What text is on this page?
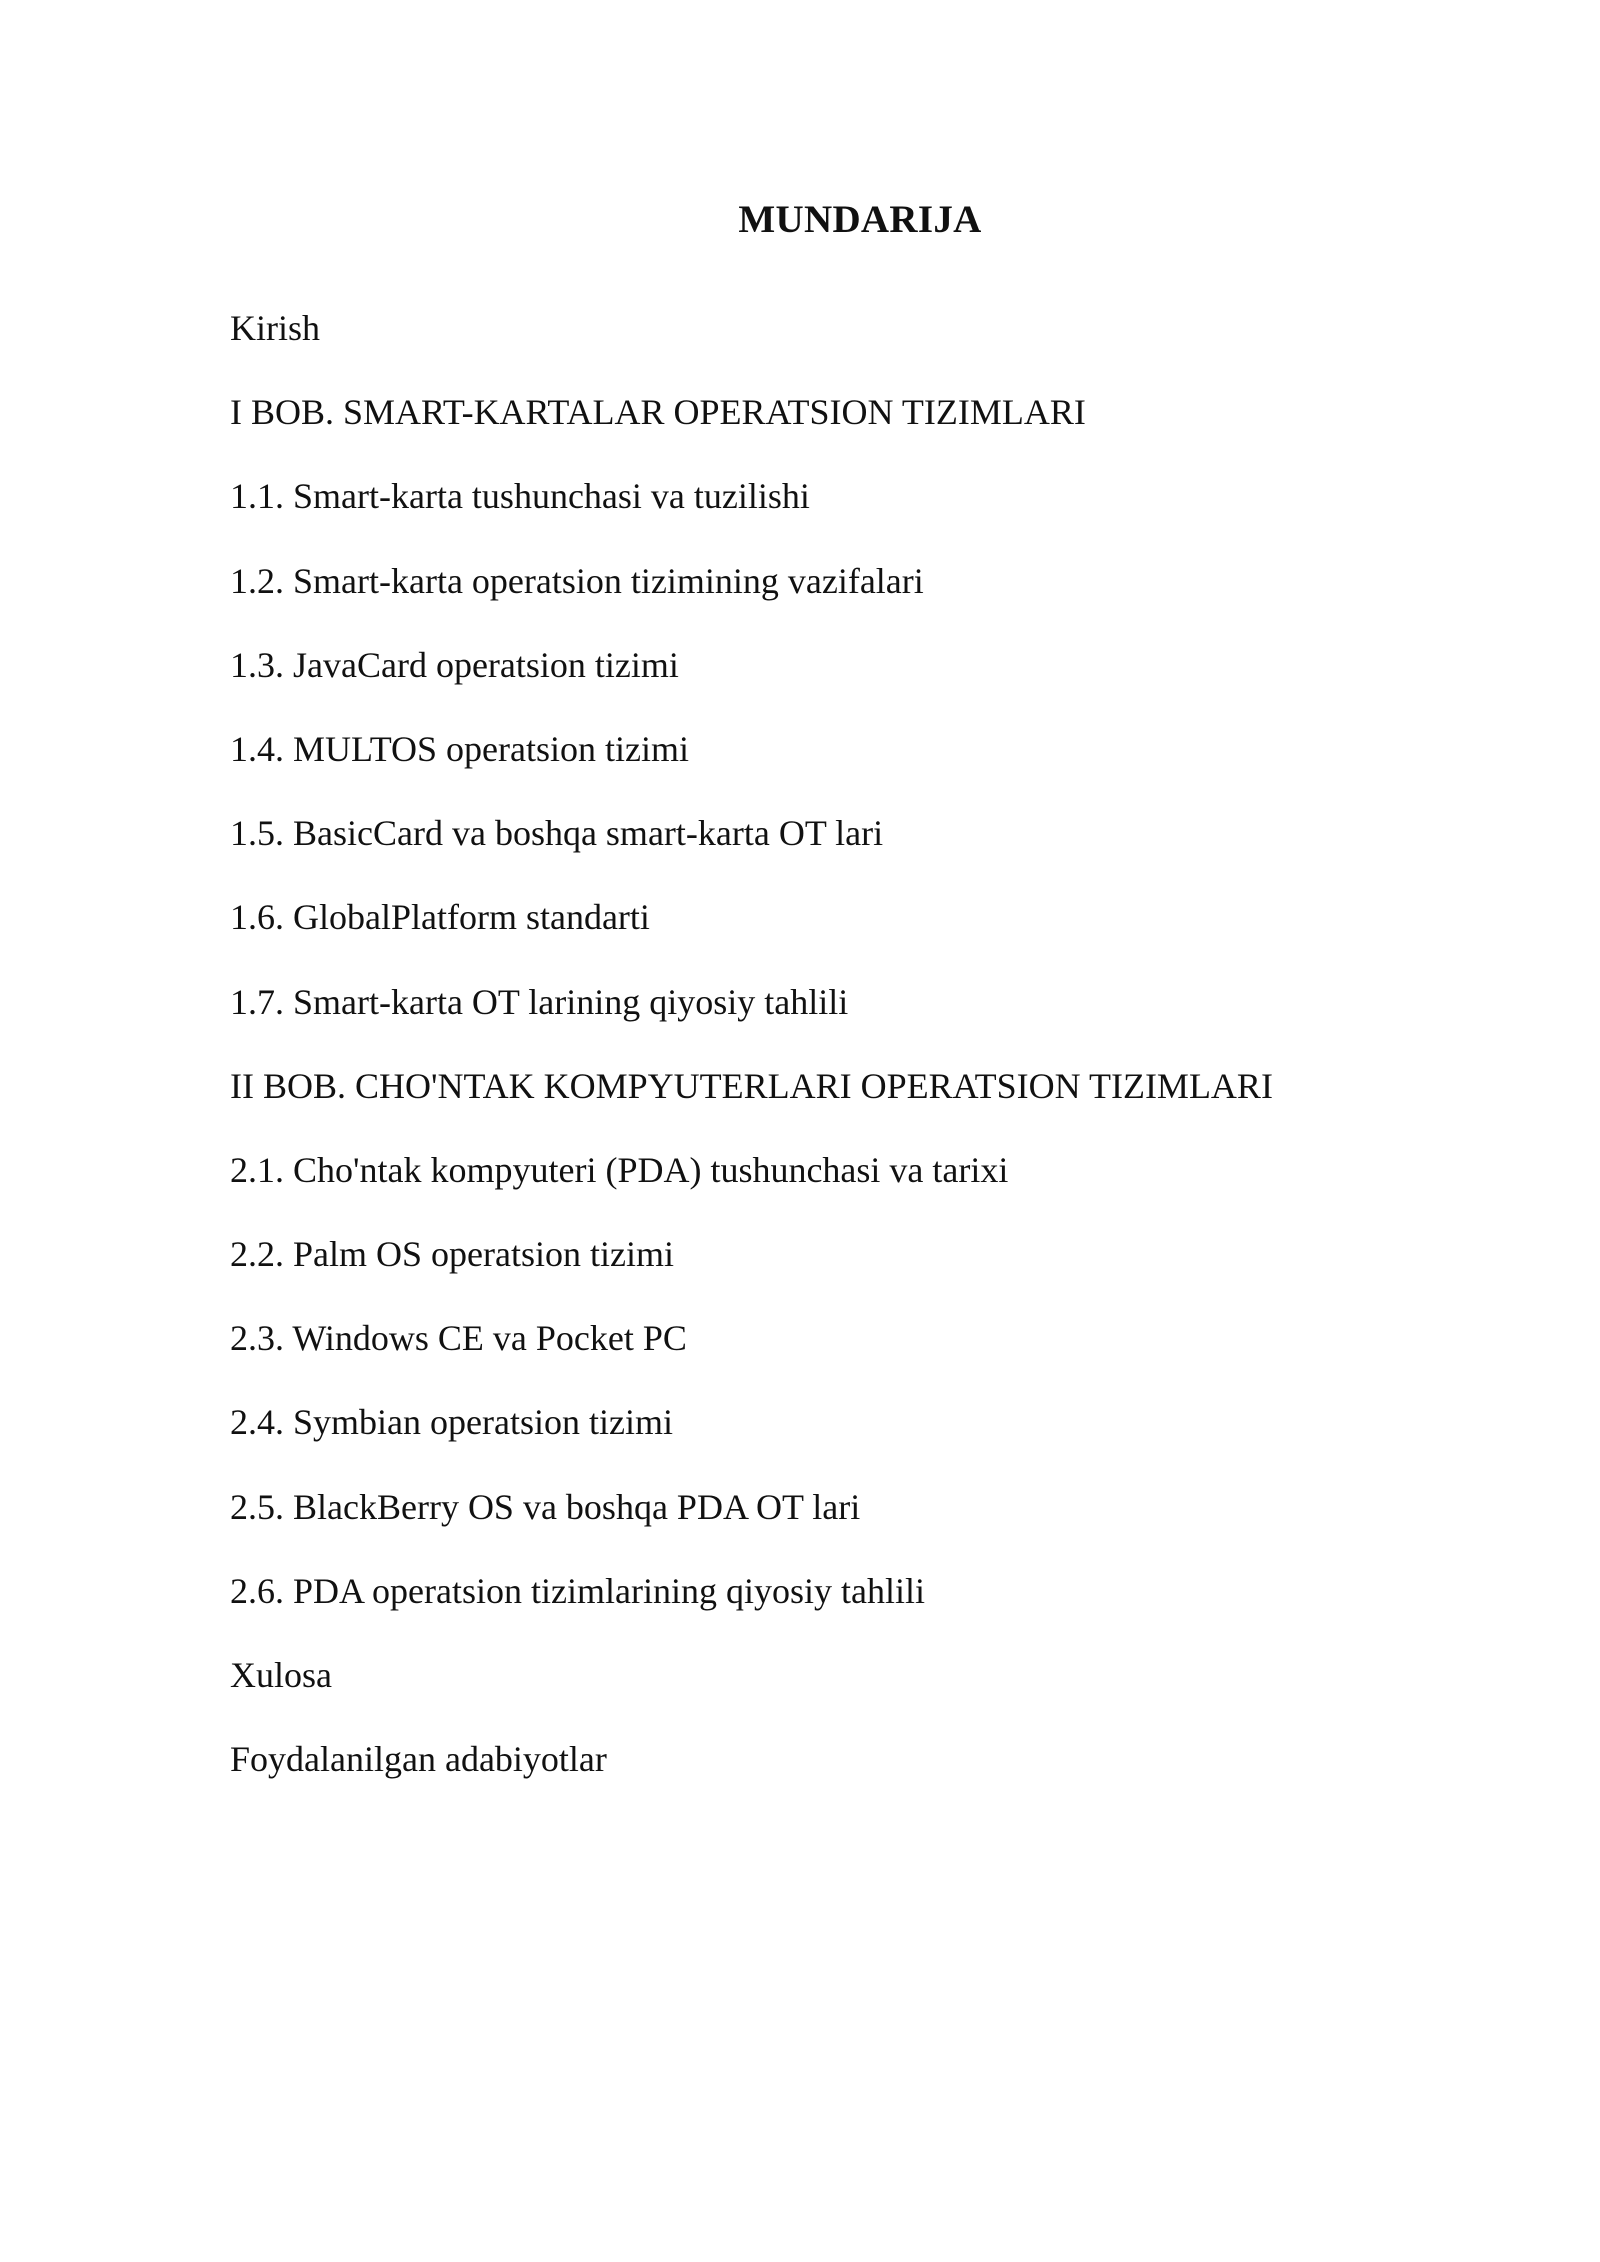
MUNDARIJA
Kirish
I BOB. SMART-KARTALAR OPERATSION TIZIMLARI
1.1. Smart-karta tushunchasi va tuzilishi
1.2. Smart-karta operatsion tizimining vazifalari
1.3. JavaCard operatsion tizimi
1.4. MULTOS operatsion tizimi
1.5. BasicCard va boshqa smart-karta OT lari
1.6. GlobalPlatform standarti
1.7. Smart-karta OT larining qiyosiy tahlili
II BOB. CHO'NTAK KOMPYUTERLARI OPERATSION TIZIMLARI
2.1. Cho'ntak kompyuteri (PDA) tushunchasi va tarixi
2.2. Palm OS operatsion tizimi
2.3. Windows CE va Pocket PC
2.4. Symbian operatsion tizimi
2.5. BlackBerry OS va boshqa PDA OT lari
2.6. PDA operatsion tizimlarining qiyosiy tahlili
Xulosa
Foydalanilgan adabiyotlar
